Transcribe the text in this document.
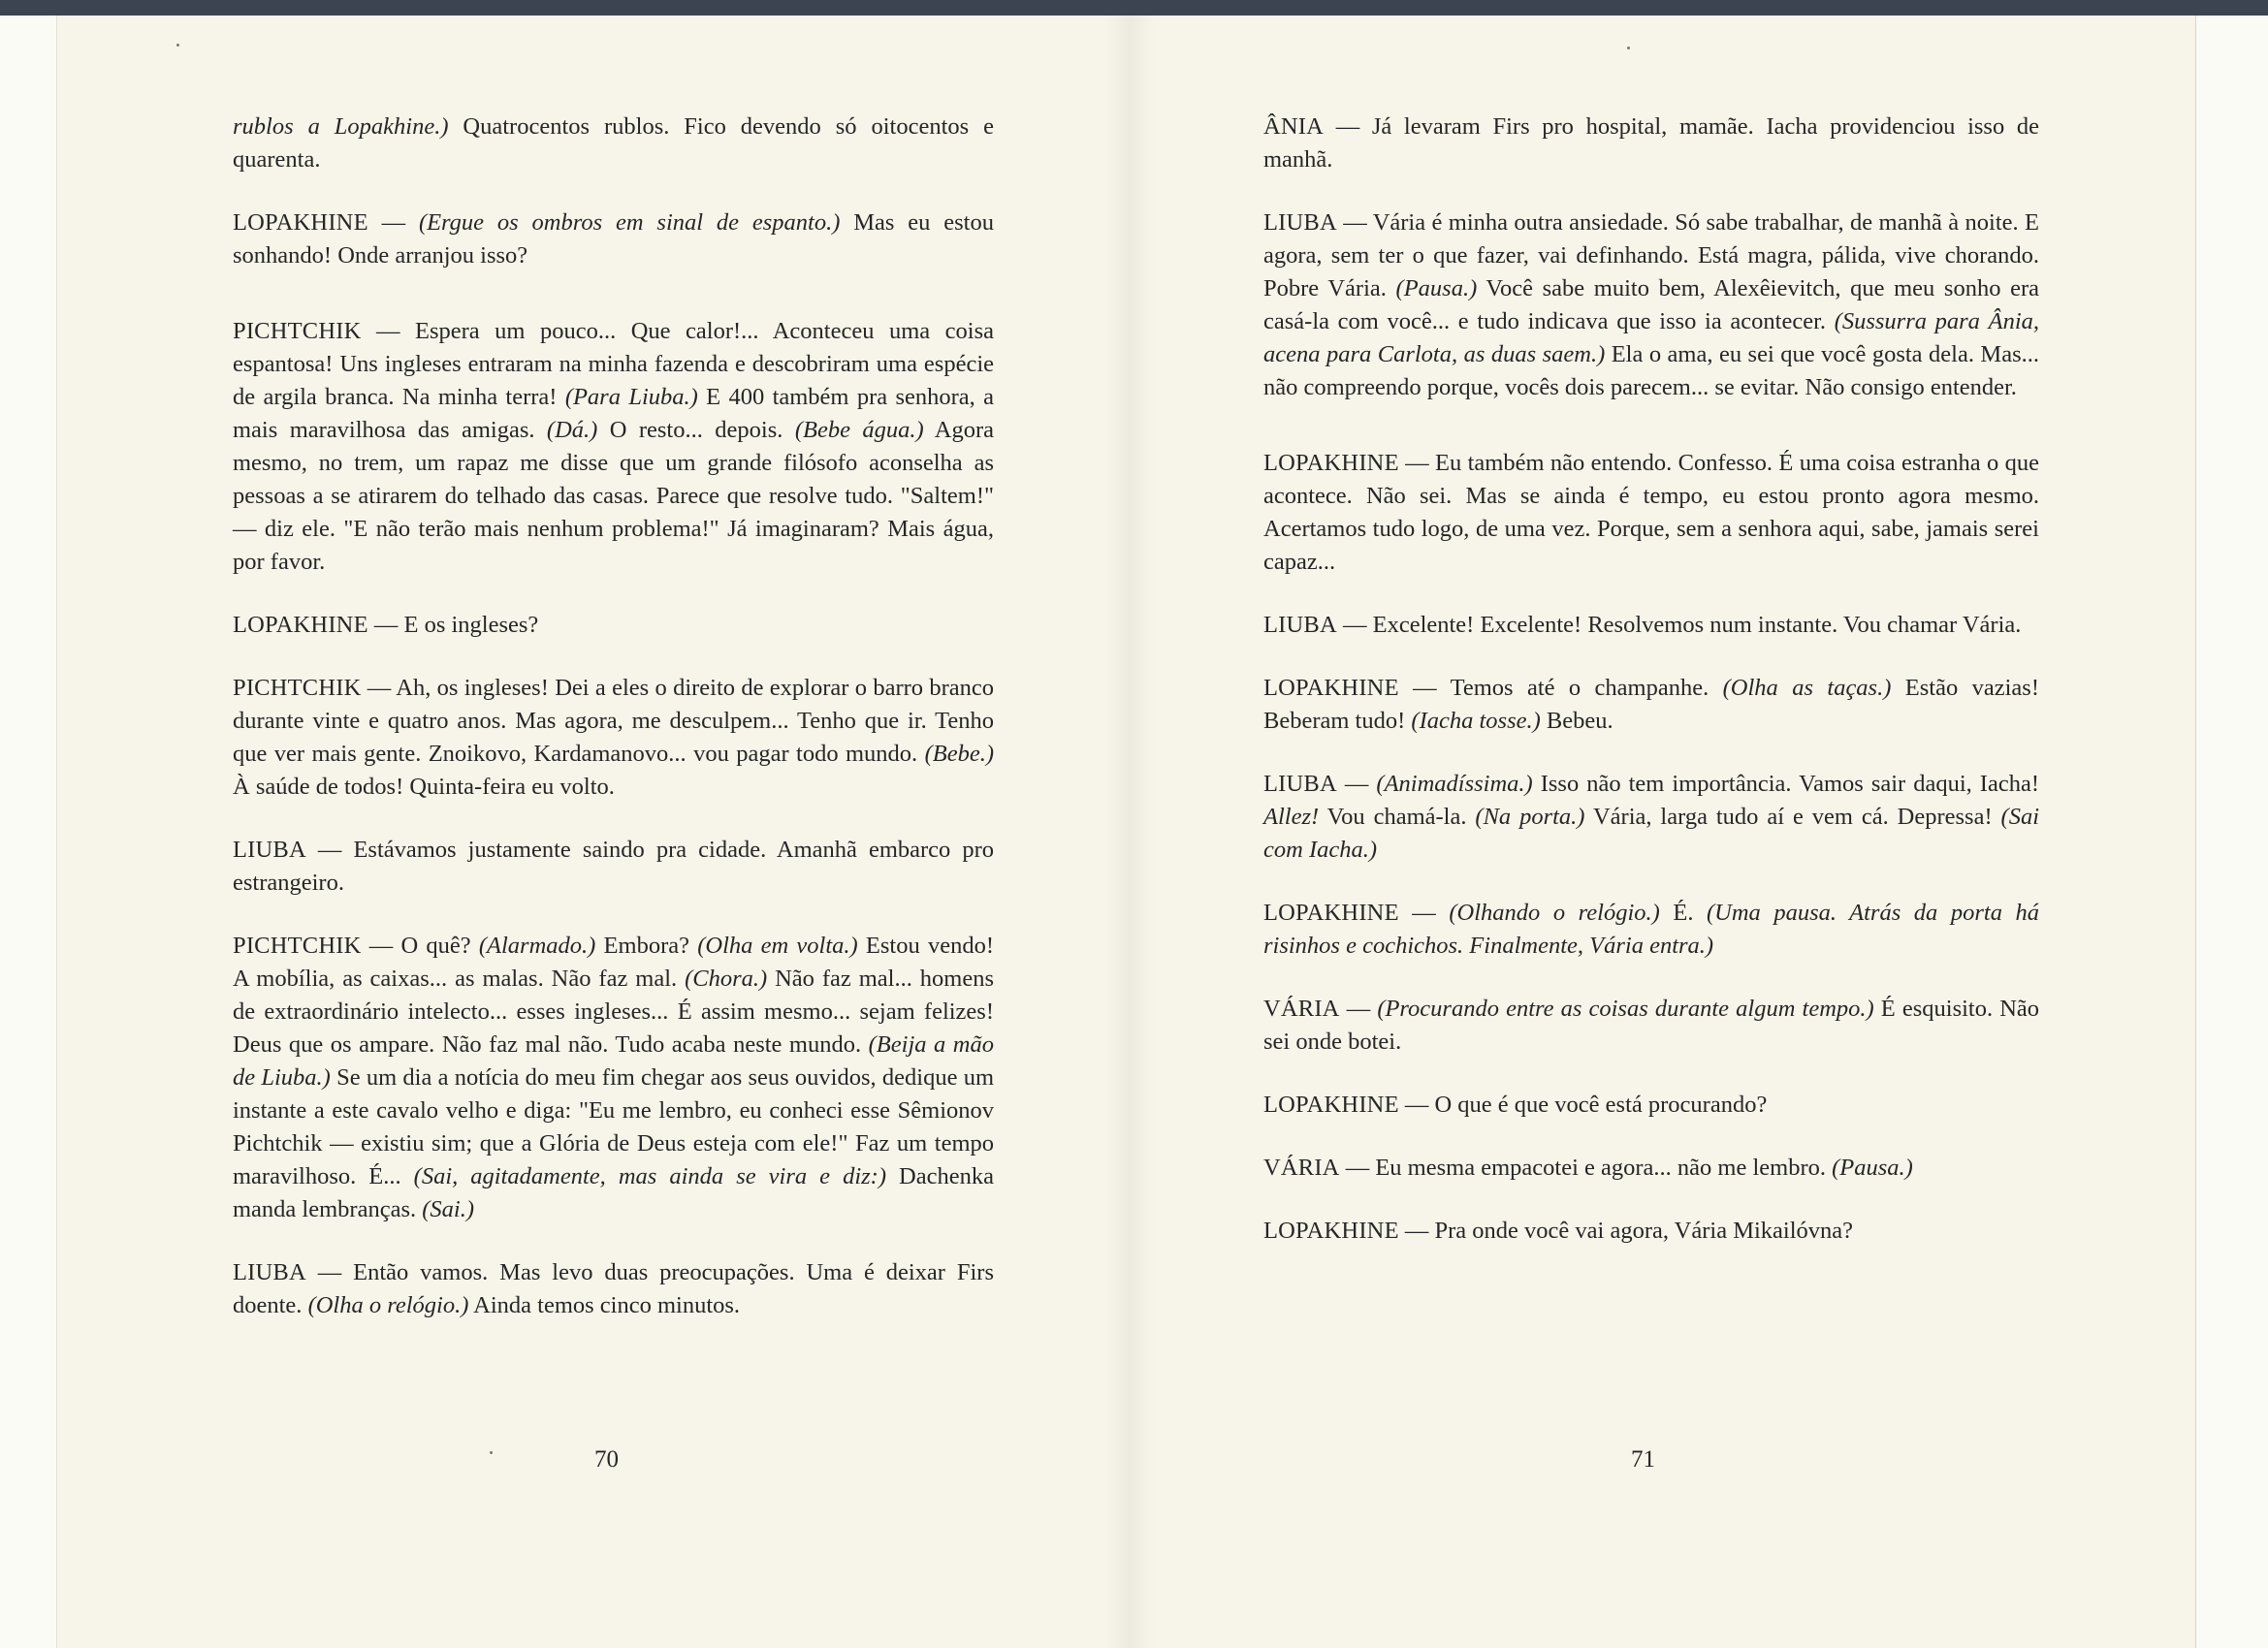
rublos a Lopakhine.) Quatrocentos rublos. Fico devendo só oitocentos e quarenta.

LOPAKHINE — (Ergue os ombros em sinal de espanto.) Mas eu estou sonhando! Onde arranjou isso?

PICHTCHIK — Espera um pouco... Que calor!... Aconteceu uma coisa espantosa! Uns ingleses entraram na minha fazenda e descobriram uma espécie de argila branca. Na minha terra! (Para Liuba.) E 400 também pra senhora, a mais maravilhosa das amigas. (Dá.) O resto... depois. (Bebe água.) Agora mesmo, no trem, um rapaz me disse que um grande filósofo aconselha as pessoas a se atirarem do telhado das casas. Parece que resolve tudo. "Saltem!" — diz ele. "E não terão mais nenhum problema!" Já imaginaram? Mais água, por favor.

LOPAKHINE — E os ingleses?

PICHTCHIK — Ah, os ingleses! Dei a eles o direito de explorar o barro branco durante vinte e quatro anos. Mas agora, me desculpem... Tenho que ir. Tenho que ver mais gente. Znoikovo, Kardamanovo... vou pagar todo mundo. (Bebe.) À saúde de todos! Quinta-feira eu volto.

LIUBA — Estávamos justamente saindo pra cidade. Amanhã embarco pro estrangeiro.

PICHTCHIK — O quê? (Alarmado.) Embora? (Olha em volta.) Estou vendo! A mobília, as caixas... as malas. Não faz mal. (Chora.) Não faz mal... homens de extraordinário intelecto... esses ingleses... É assim mesmo... sejam felizes! Deus que os ampare. Não faz mal não. Tudo acaba neste mundo. (Beija a mão de Liuba.) Se um dia a notícia do meu fim chegar aos seus ouvidos, dedique um instante a este cavalo velho e diga: "Eu me lembro, eu conheci esse Sêmionov Pichtchik — existiu sim; que a Glória de Deus esteja com ele!" Faz um tempo maravilhoso. É... (Sai, agitadamente, mas ainda se vira e diz:) Dachenka manda lembranças. (Sai.)

LIUBA — Então vamos. Mas levo duas preocupações. Uma é deixar Firs doente. (Olha o relógio.) Ainda temos cinco minutos.

ÂNIA — Já levaram Firs pro hospital, mamãe. Iacha providenciou isso de manhã.

LIUBA — Vária é minha outra ansiedade. Só sabe trabalhar, de manhã à noite. E agora, sem ter o que fazer, vai definhando. Está magra, pálida, vive chorando. Pobre Vária. (Pausa.) Você sabe muito bem, Alexêievitch, que meu sonho era casá-la com você... e tudo indicava que isso ia acontecer. (Sussurra para Ânia, acena para Carlota, as duas saem.) Ela o ama, eu sei que você gosta dela. Mas... não compreendo porque, vocês dois parecem... se evitar. Não consigo entender.

LOPAKHINE — Eu também não entendo. Confesso. É uma coisa estranha o que acontece. Não sei. Mas se ainda é tempo, eu estou pronto agora mesmo. Acertamos tudo logo, de uma vez. Porque, sem a senhora aqui, sabe, jamais serei capaz...

LIUBA — Excelente! Excelente! Resolvemos num instante. Vou chamar Vária.

LOPAKHINE — Temos até o champanhe. (Olha as taças.) Estão vazias! Beberam tudo! (Iacha tosse.) Bebeu.

LIUBA — (Animadíssima.) Isso não tem importância. Vamos sair daqui, Iacha! Allez! Vou chamá-la. (Na porta.) Vária, larga tudo aí e vem cá. Depressa! (Sai com Iacha.)

LOPAKHINE — (Olhando o relógio.) É. (Uma pausa. Atrás da porta há risinhos e cochichos. Finalmente, Vária entra.)

VÁRIA — (Procurando entre as coisas durante algum tempo.) É esquisito. Não sei onde botei.

LOPAKHINE — O que é que você está procurando?

VÁRIA — Eu mesma empacotei e agora... não me lembro. (Pausa.)

LOPAKHINE — Pra onde você vai agora, Vária Mikailóvna?

70	71
